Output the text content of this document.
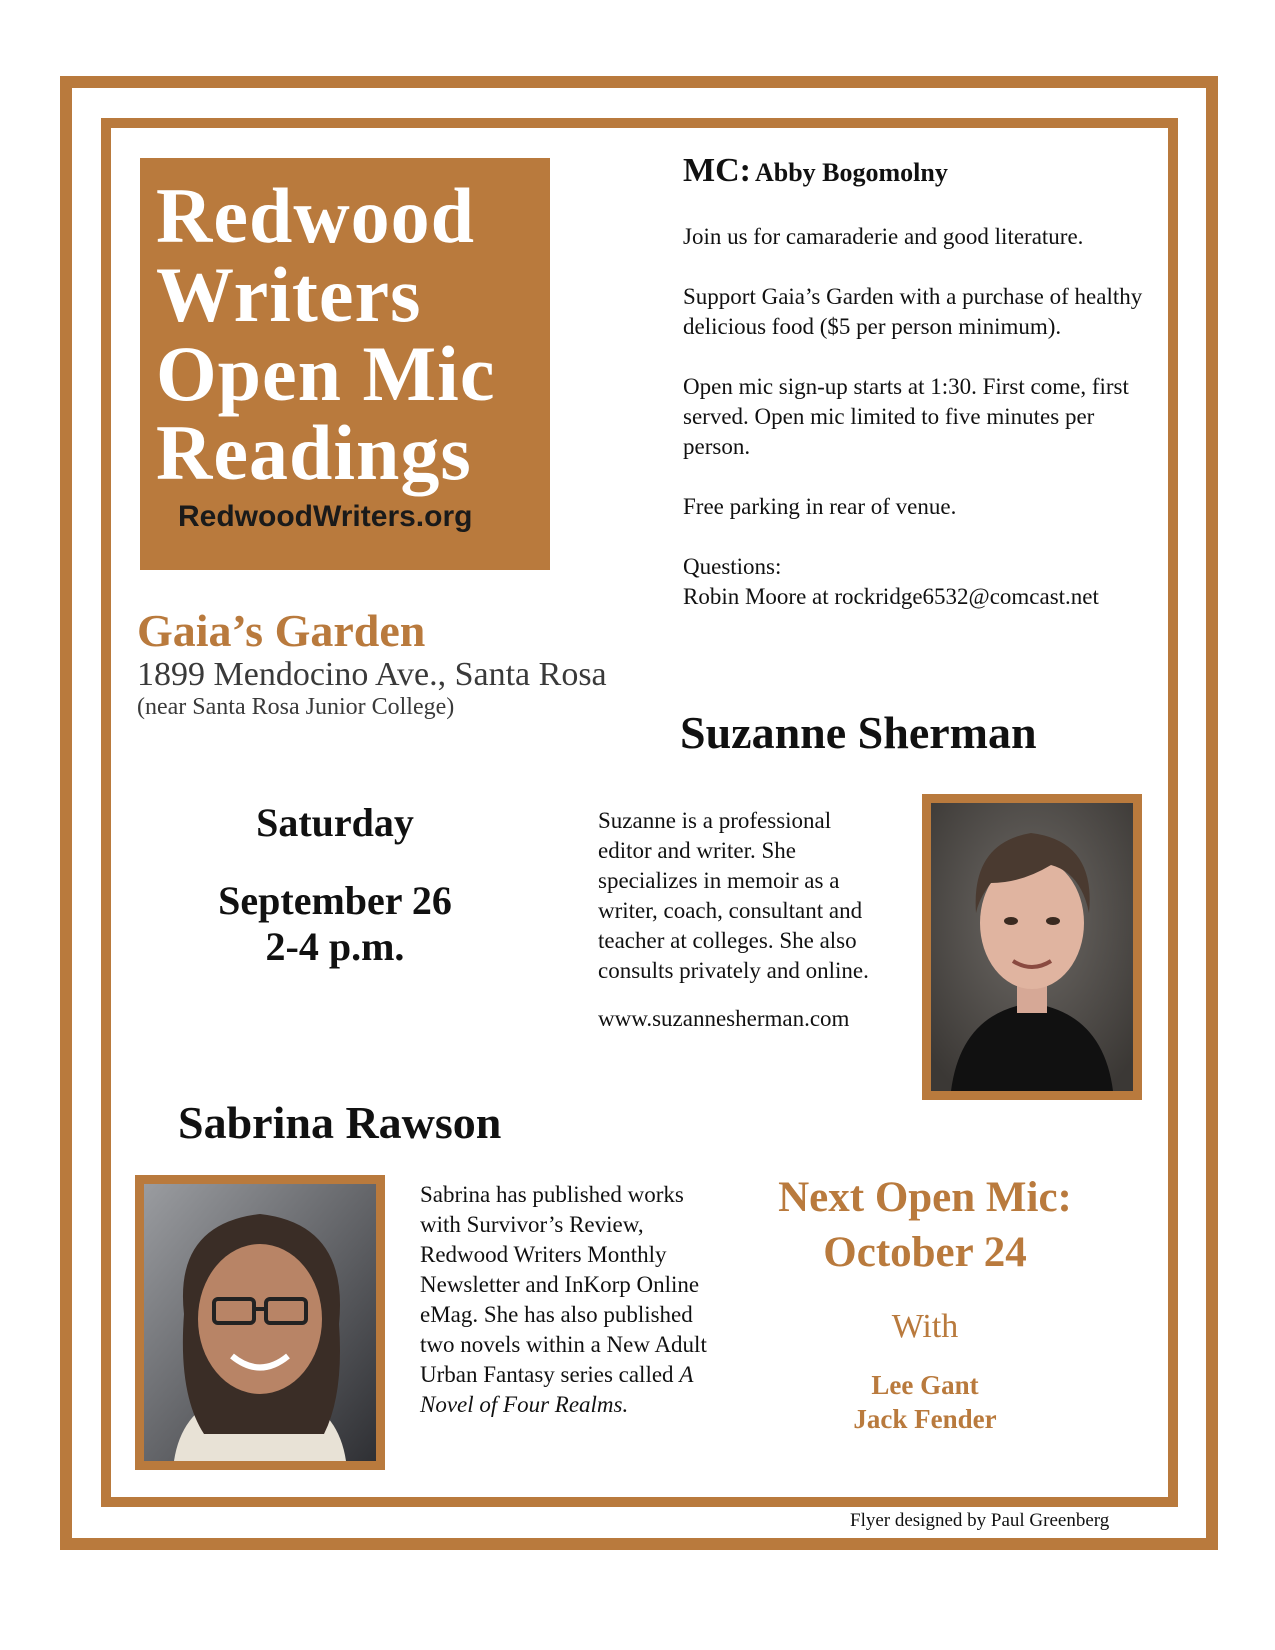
Redwood
Writers
Open Mic
Readings
RedwoodWriters.org
Gaia’s Garden
1899 Mendocino Ave., Santa Rosa
(near Santa Rosa Junior College)
Saturday
September 26
2-4 p.m.
MC: Abby Bogomolny

Join us for camaraderie and good literature.

Support Gaia’s Garden with a purchase of healthy delicious food ($5 per person minimum).

Open mic sign-up starts at 1:30. First come, first served. Open mic limited to five minutes per person.

Free parking in rear of venue.

Questions:
Robin Moore at rockridge6532@comcast.net

Suzanne Sherman

Suzanne is a professional editor and writer. She specializes in memoir as a writer, coach, consultant and teacher at colleges. She also consults privately and online.

www.suzannesherman.com

Sabrina Rawson

Sabrina has published works with Survivor’s Review, Redwood Writers Monthly Newsletter and InKorp Online eMag. She has also published two novels within a New Adult Urban Fantasy series called A Novel of Four Realms.

Next Open Mic:
October 24
With
Lee Gant
Jack Fender
Flyer designed by Paul Greenberg
